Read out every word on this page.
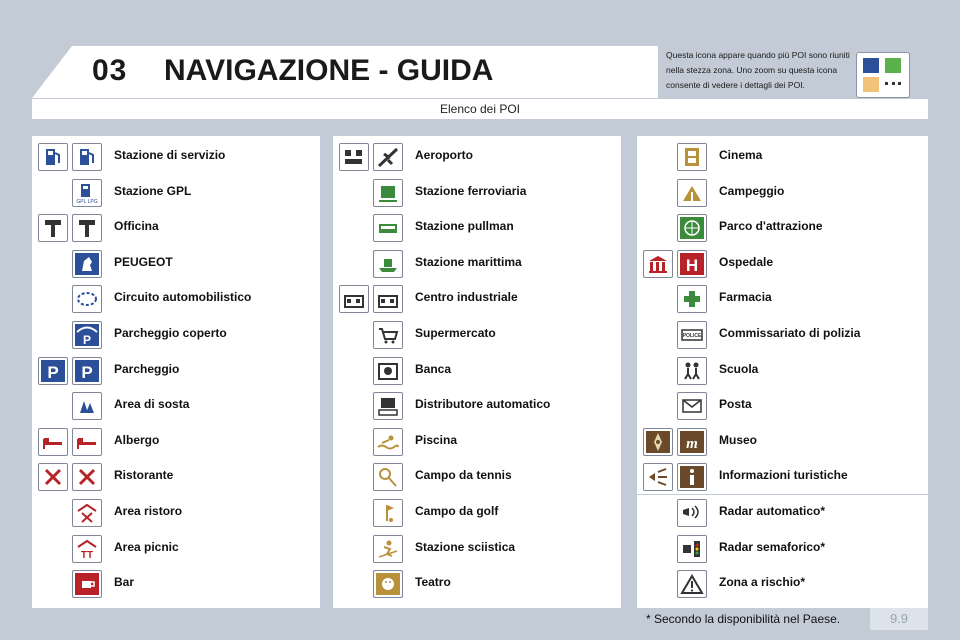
03 NAVIGAZIONE - GUIDA	Questa icona appare quando più POI sono riuniti nella stezza zona. Uno zoom su questa icona consente di vedere i dettagli dei POI.
Elenco dei POI
Stazione di servizio
GPL LPG
Stazione GPL
Officina
PEUGEOT
Circuito automobilistico
P Parcheggio coperto
P P Parcheggio
Area di sosta
Albergo
Ristorante
Area ristoro
TT
Area picnic
Bar
Aeroporto
Stazione ferroviaria
Stazione pullman
Stazione marittima
Centro industriale
Supermercato
Banca
Distributore automatico
Piscina
Campo da tennis
Campo da golf
Stazione sciistica
Teatro
Cinema
Campeggio
Parco d'attrazione
H Ospedale
Farmacia
POLICE Commissariato di polizia
Scuola
Posta
m Museo
Informazioni turistiche
Radar automatico*
Radar semaforico*
Zona a rischio*
* Secondo la disponibilità nel Paese.	9.9
